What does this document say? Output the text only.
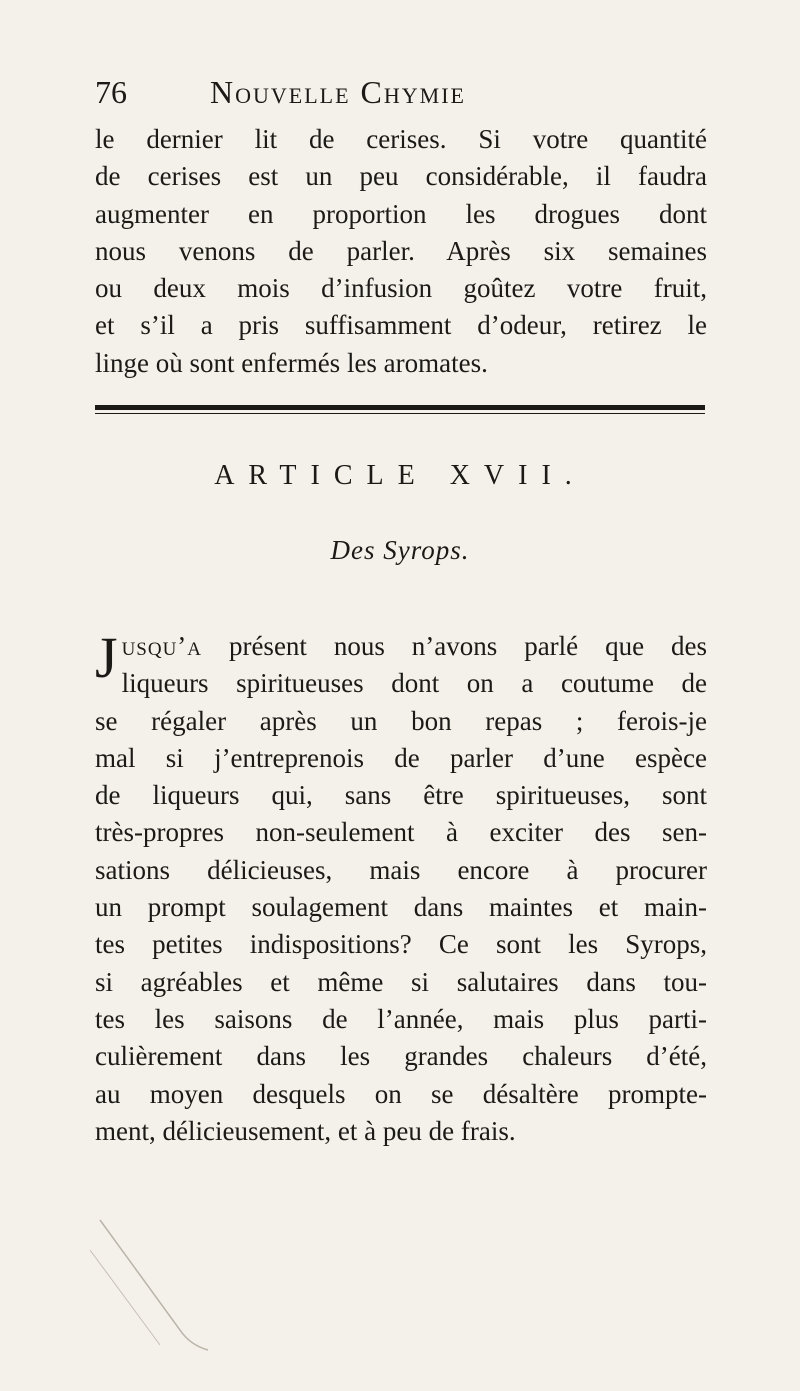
76	Nouvelle Chymie

le dernier lit de cerises. Si votre quantité
de cerises est un peu considérable, il faudra
augmenter en proportion les drogues dont
nous venons de parler. Après six semaines
ou deux mois d’infusion goûtez votre fruit,
et s’il a pris suffisamment d’odeur, retirez le
linge où sont enfermés les aromates.

ARTICLE XVII.
Des Syrops.

J usqu’a présent nous n’avons parlé que des
liqueurs spiritueuses dont on a coutume de
se régaler après un bon repas ; ferois-je
mal si j’entreprenois de parler d’une espèce
de liqueurs qui, sans être spiritueuses, sont
très-propres non-seulement à exciter des sen-
sations délicieuses, mais encore à procurer
un prompt soulagement dans maintes et main-
tes petites indispositions? Ce sont les Syrops,
si agréables et même si salutaires dans tou-
tes les saisons de l’année, mais plus parti-
culièrement dans les grandes chaleurs d’été,
au moyen desquels on se désaltère prompte-
ment, délicieusement, et à peu de frais.
